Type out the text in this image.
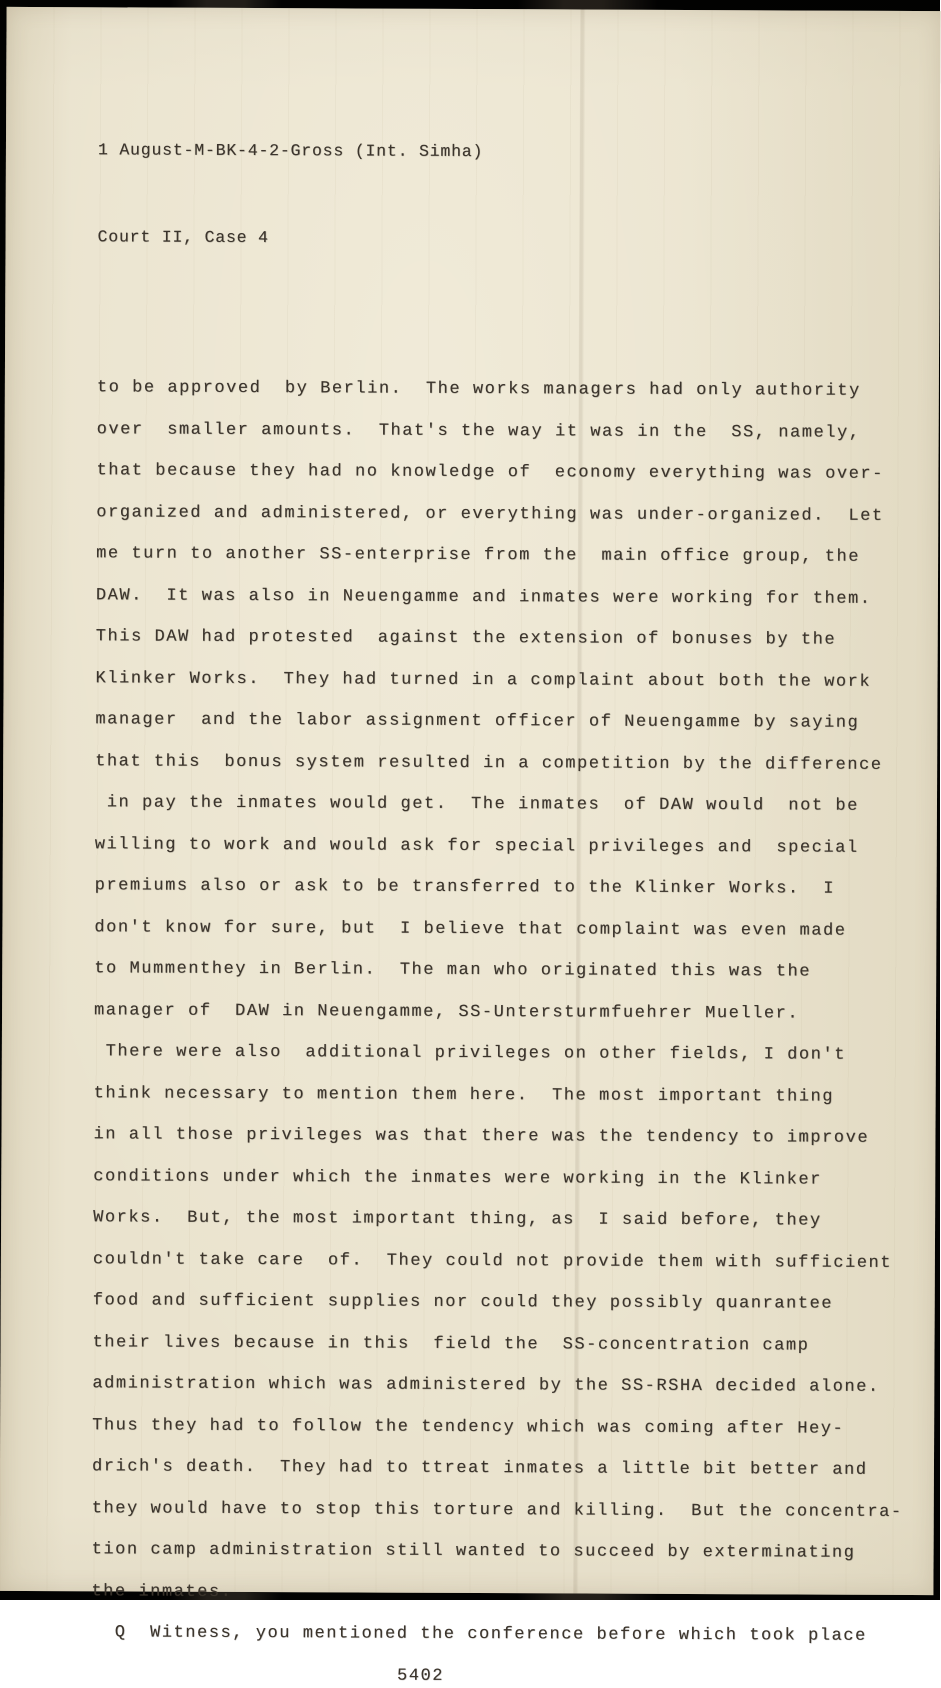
1 August-M-BK-4-2-Gross (Int. Simha)

Court II, Case 4

to be approved  by Berlin.  The works managers had only authority
over  smaller amounts.  That's the way it was in the  SS, namely,
that because they had no knowledge of  economy everything was over-
organized and administered, or everything was under-organized.  Let
me turn to another SS-enterprise from the  main office group, the
DAW.  It was also in Neuengamme and inmates were working for them.
This DAW had protested  against the extension of bonuses by the
Klinker Works.  They had turned in a complaint about both the work
manager  and the labor assignment officer of Neuengamme by saying
that this  bonus system resulted in a competition by the difference
in pay the inmates would get.  The inmates  of DAW would  not be
willing to work and would ask for special privileges and  special
premiums also or ask to be transferred to the Klinker Works.  I
don't know for sure, but  I believe that complaint was even made
to Mummenthey in Berlin.  The man who originated this was the
manager of  DAW in Neuengamme, SS-Untersturmfuehrer Mueller.
There were also  additional privileges on other fields, I don't
think necessary to mention them here.  The most important thing
in all those privileges was that there was the tendency to improve
conditions under which the inmates were working in the Klinker
Works.  But, the most important thing, as  I said before, they
couldn't take care  of.  They could not provide them with sufficient
food and sufficient supplies nor could they possibly quanrantee
their lives because in this  field the  SS-concentration camp
administration which was administered by the SS-RSHA decided alone.
Thus they had to follow the tendency which was coming after Hey-
drich's death.  They had to ttreat inmates a little bit better and
they would have to stop this torture and killing.  But the concentra-
tion camp administration still wanted to succeed by exterminating
the inmates.
Q  Witness, you mentioned the conference before which took place
5402
